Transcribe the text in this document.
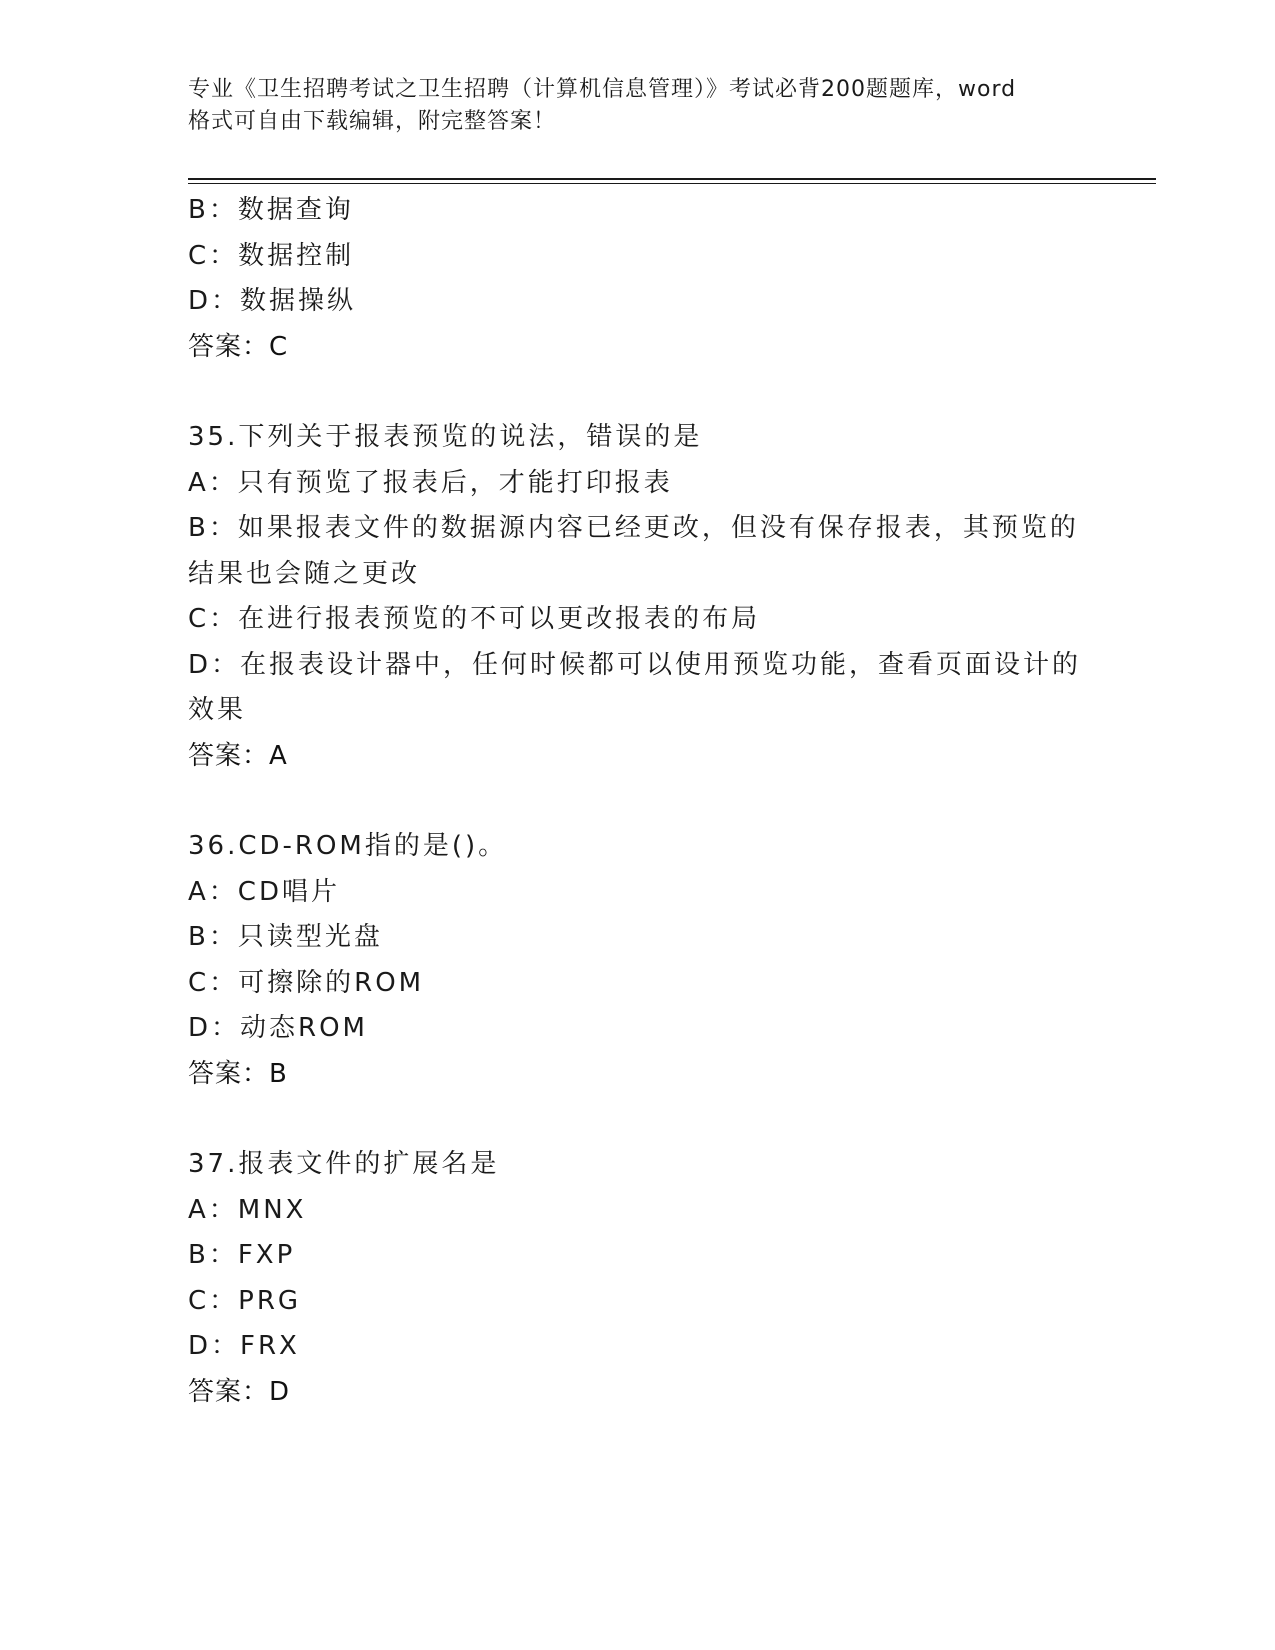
专业《卫生招聘考试之卫生招聘（计算机信息管理）》考试必背200题题库，word
格式可自由下载编辑，附完整答案！

B：数据查询

C：数据控制

D：数据操纵

答案：C

35.下列关于报表预览的说法，错误的是

A：只有预览了报表后，才能打印报表

B：如果报表文件的数据源内容已经更改，但没有保存报表，其预览的

结果也会随之更改

C：在进行报表预览的不可以更改报表的布局

D：在报表设计器中，任何时候都可以使用预览功能，查看页面设计的

效果

答案：A

36.CD-ROM指的是()。

A：CD唱片

B：只读型光盘

C：可擦除的ROM

D：动态ROM

答案：B

37.报表文件的扩展名是

A：MNX

B：FXP

C：PRG

D：FRX

答案：D
